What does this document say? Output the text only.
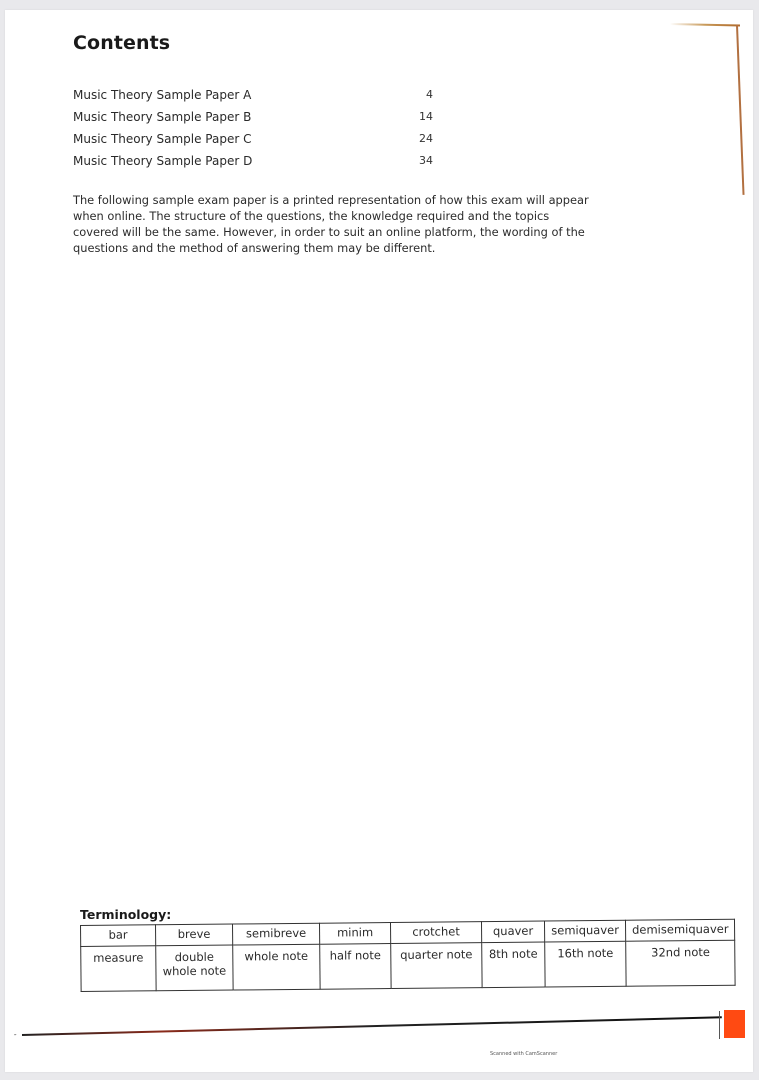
Contents
Music Theory Sample Paper A	4
Music Theory Sample Paper B	14
Music Theory Sample Paper C	24
Music Theory Sample Paper D	34

The following sample exam paper is a printed representation of how this exam will appear when online. The structure of the questions, the knowledge required and the topics covered will be the same. However, in order to suit an online platform, the wording of the questions and the method of answering them may be different.

Terminology:
bar	breve	semibreve	minim	crotchet	quaver	semiquaver	demisemiquaver
measure	double whole note	whole note	half note	quarter note	8th note	16th note	32nd note
″
Scanned with CamScanner
